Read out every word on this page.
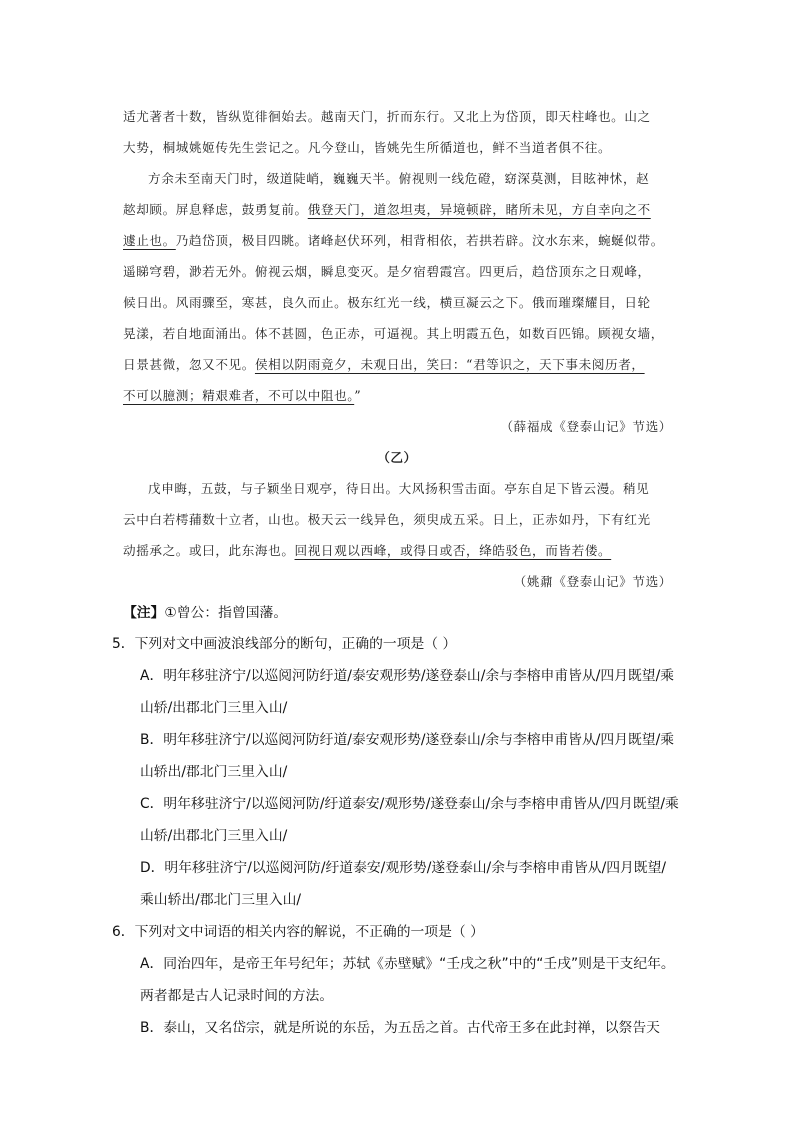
适尤著者十数，皆纵览徘徊始去。越南天门，折而东行。又北上为岱顶，即天柱峰也。山之
大势，桐城姚姬传先生尝记之。凡今登山，皆姚先生所循道也，鲜不当道者俱不往。
方余未至南天门时，级道陡峭，巍巍天半。俯视则一线危磴，窈深莫测，目眩神怵，赵
趑却顾。屏息释虑，鼓勇复前。俄登天门，道忽坦夷，异境顿辟，睹所未见，方自幸向之不
遽止也。乃趋岱顶，极目四眺。诸峰赵伏环列，相背相依，若拱若辟。汶水东来，蜿蜒似带。
遥睇穹碧，渺若无外。俯视云烟，瞬息变灭。是夕宿碧霞宫。四更后，趋岱顶东之日观峰，
候日出。风雨骤至，寒甚，良久而止。极东红光一线，横亘凝云之下。俄而璀璨耀目，日轮
晃漾，若自地面涌出。体不甚圆，色正赤，可逼视。其上明霞五色，如数百匹锦。顾视女墙，
日景甚微，忽又不见。侯相以阴雨竟夕，未观日出，笑曰：“君等识之，天下事未阅历者，
不可以臆测；精艰难者，不可以中阻也。”
（薛福成《登泰山记》节选）
（乙）
戊申晦，五鼓，与子颖坐日观亭，待日出。大风扬积雪击面。亭东自足下皆云漫。稍见
云中白若樗蒱数十立者，山也。极天云一线异色，须臾成五采。日上，正赤如丹，下有红光
动摇承之。或曰，此东海也。回视日观以西峰，或得日或否，绛皓驳色，而皆若偻。
（姚鼐《登泰山记》节选）
【注】①曾公：指曾国藩。
5．下列对文中画波浪线部分的断句，正确的一项是（ ）
A．明年移驻济宁/以巡阅河防纡道/泰安观形势/遂登泰山/余与李榕申甫皆从/四月既望/乘
山轿/出郡北门三里入山/
B．明年移驻济宁/以巡阅河防纡道/泰安观形势/遂登泰山/余与李榕申甫皆从/四月既望/乘
山轿出/郡北门三里入山/
C．明年移驻济宁/以巡阅河防/纡道泰安/观形势/遂登泰山/余与李榕申甫皆从/四月既望/乘
山轿/出郡北门三里入山/
D．明年移驻济宁/以巡阅河防/纡道泰安/观形势/遂登泰山/余与李榕申甫皆从/四月既望/
乘山轿出/郡北门三里入山/
6．下列对文中词语的相关内容的解说，不正确的一项是（ ）
A．同治四年，是帝王年号纪年；苏轼《赤壁赋》“壬戌之秋”中的“壬戌”则是干支纪年。
两者都是古人记录时间的方法。
B．泰山，又名岱宗，就是所说的东岳，为五岳之首。古代帝王多在此封禅，以祭告天
